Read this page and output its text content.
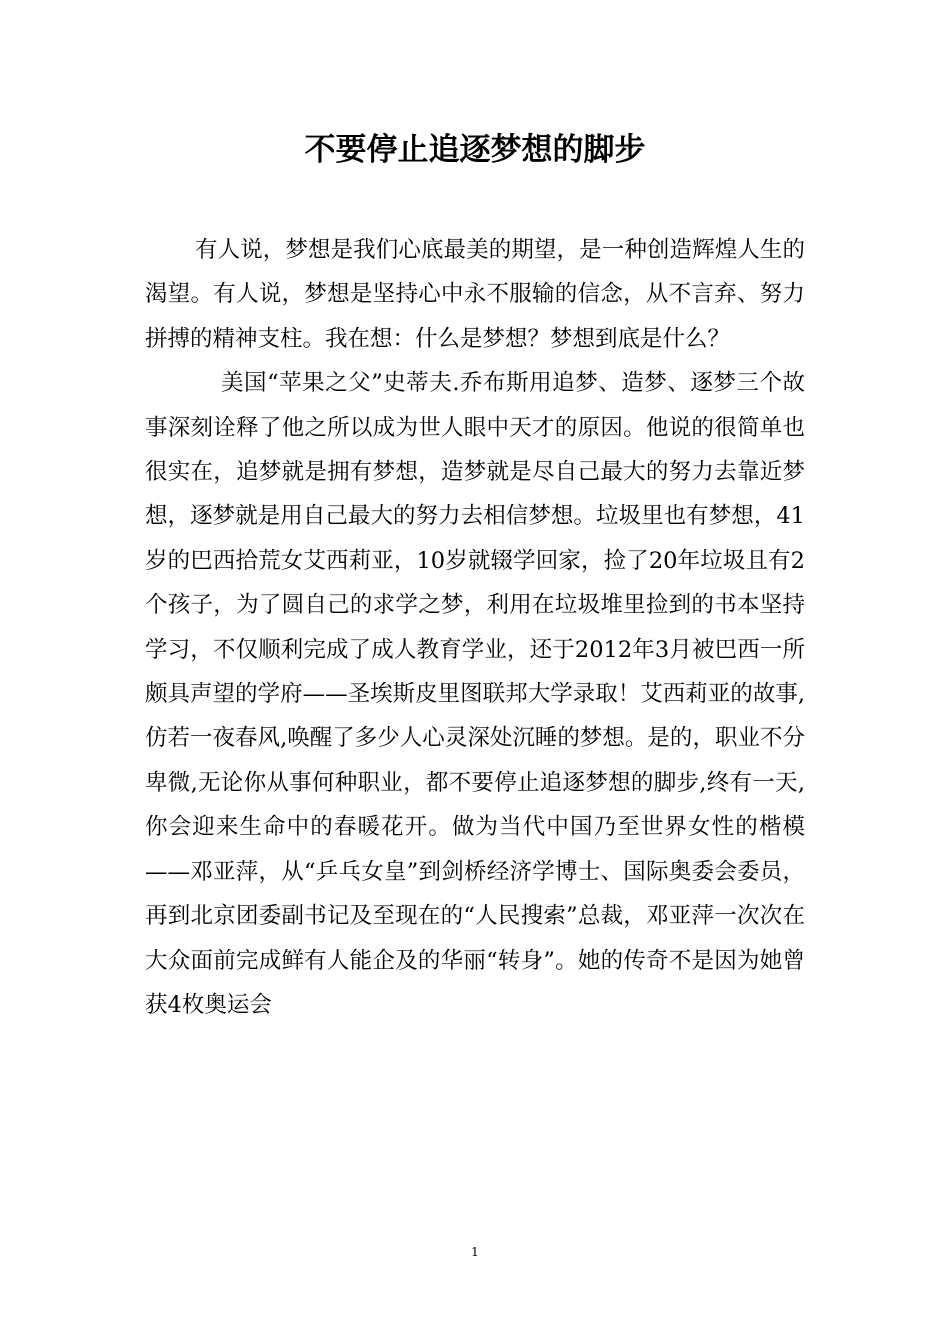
不要停止追逐梦想的脚步

有人说，梦想是我们心底最美的期望，是一种创造辉煌人生的渴望。有人说，梦想是坚持心中永不服输的信念，从不言弃、努力拼搏的精神支柱。我在想：什么是梦想？梦想到底是什么？

美国“苹果之父”史蒂夫.乔布斯用追梦、造梦、逐梦三个故事深刻诠释了他之所以成为世人眼中天才的原因。他说的很简单也很实在，追梦就是拥有梦想，造梦就是尽自己最大的努力去靠近梦想，逐梦就是用自己最大的努力去相信梦想。垃圾里也有梦想，41岁的巴西拾荒女艾西莉亚，10岁就辍学回家，捡了20年垃圾且有2个孩子，为了圆自己的求学之梦，利用在垃圾堆里捡到的书本坚持学习，不仅顺利完成了成人教育学业，还于2012年3月被巴西一所颇具声望的学府——圣埃斯皮里图联邦大学录取！艾西莉亚的故事,仿若一夜春风,唤醒了多少人心灵深处沉睡的梦想。是的，职业不分卑微,无论你从事何种职业，都不要停止追逐梦想的脚步,终有一天,你会迎来生命中的春暖花开。做为当代中国乃至世界女性的楷模——邓亚萍，从“乒乓女皇”到剑桥经济学博士、国际奥委会委员，再到北京团委副书记及至现在的“人民搜索”总裁，邓亚萍一次次在大众面前完成鲜有人能企及的华丽“转身”。她的传奇不是因为她曾获4枚奥运会

1
